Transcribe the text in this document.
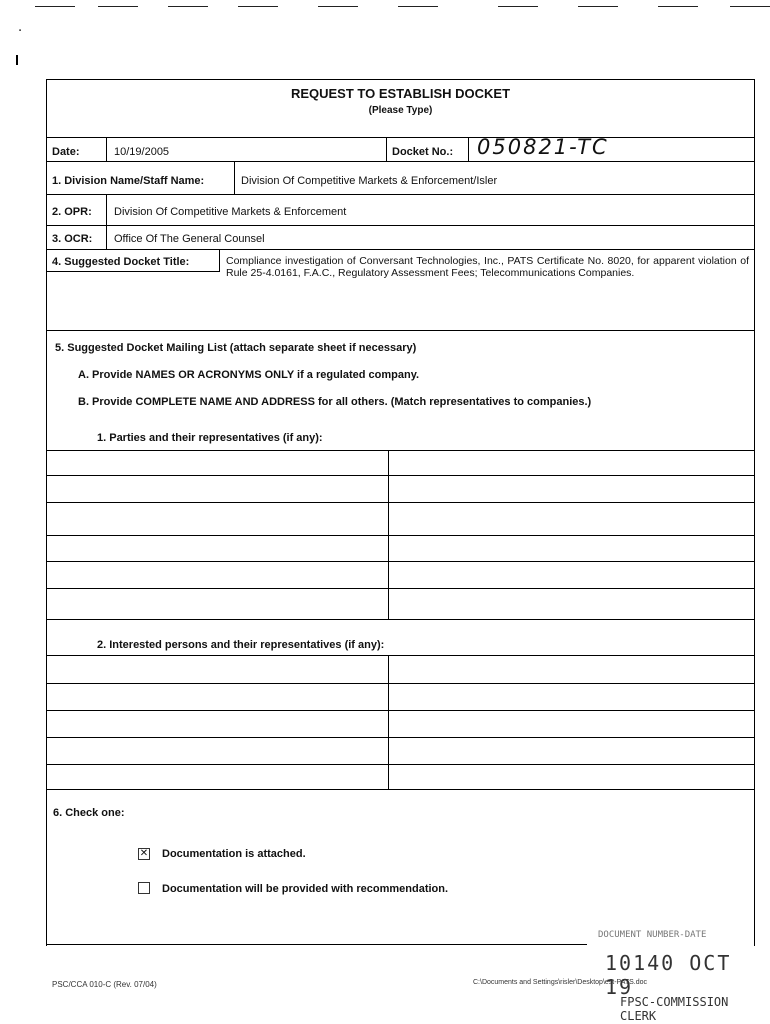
‧
REQUEST TO ESTABLISH DOCKET
(Please Type)
Date:	10/19/2005	Docket No.: 050821-TC
1. Division Name/Staff Name:	Division Of Competitive Markets & Enforcement/Isler
2. OPR: Division Of Competitive Markets & Enforcement
3. OCR: Office Of The General Counsel
4. Suggested Docket Title:	Compliance investigation of Conversant Technologies, Inc., PATS Certificate No. 8020, for apparent violation of Rule 25-4.0161, F.A.C., Regulatory Assessment Fees; Telecommunications Companies.
5. Suggested Docket Mailing List (attach separate sheet if necessary)
A. Provide NAMES OR ACRONYMS ONLY if a regulated company.
B. Provide COMPLETE NAME AND ADDRESS for all others. (Match representatives to companies.)
1. Parties and their representatives (if any):
2. Interested persons and their representatives (if any):
6. Check one:
✕ Documentation is attached.
Documentation will be provided with recommendation.
PSC/CCA 010-C (Rev. 07/04)	C:\Documents and Settings\risler\Desktop\est-PATS.doc
DOCUMENT NUMBER-DATE
10140 OCT 19
FPSC-COMMISSION CLERK
